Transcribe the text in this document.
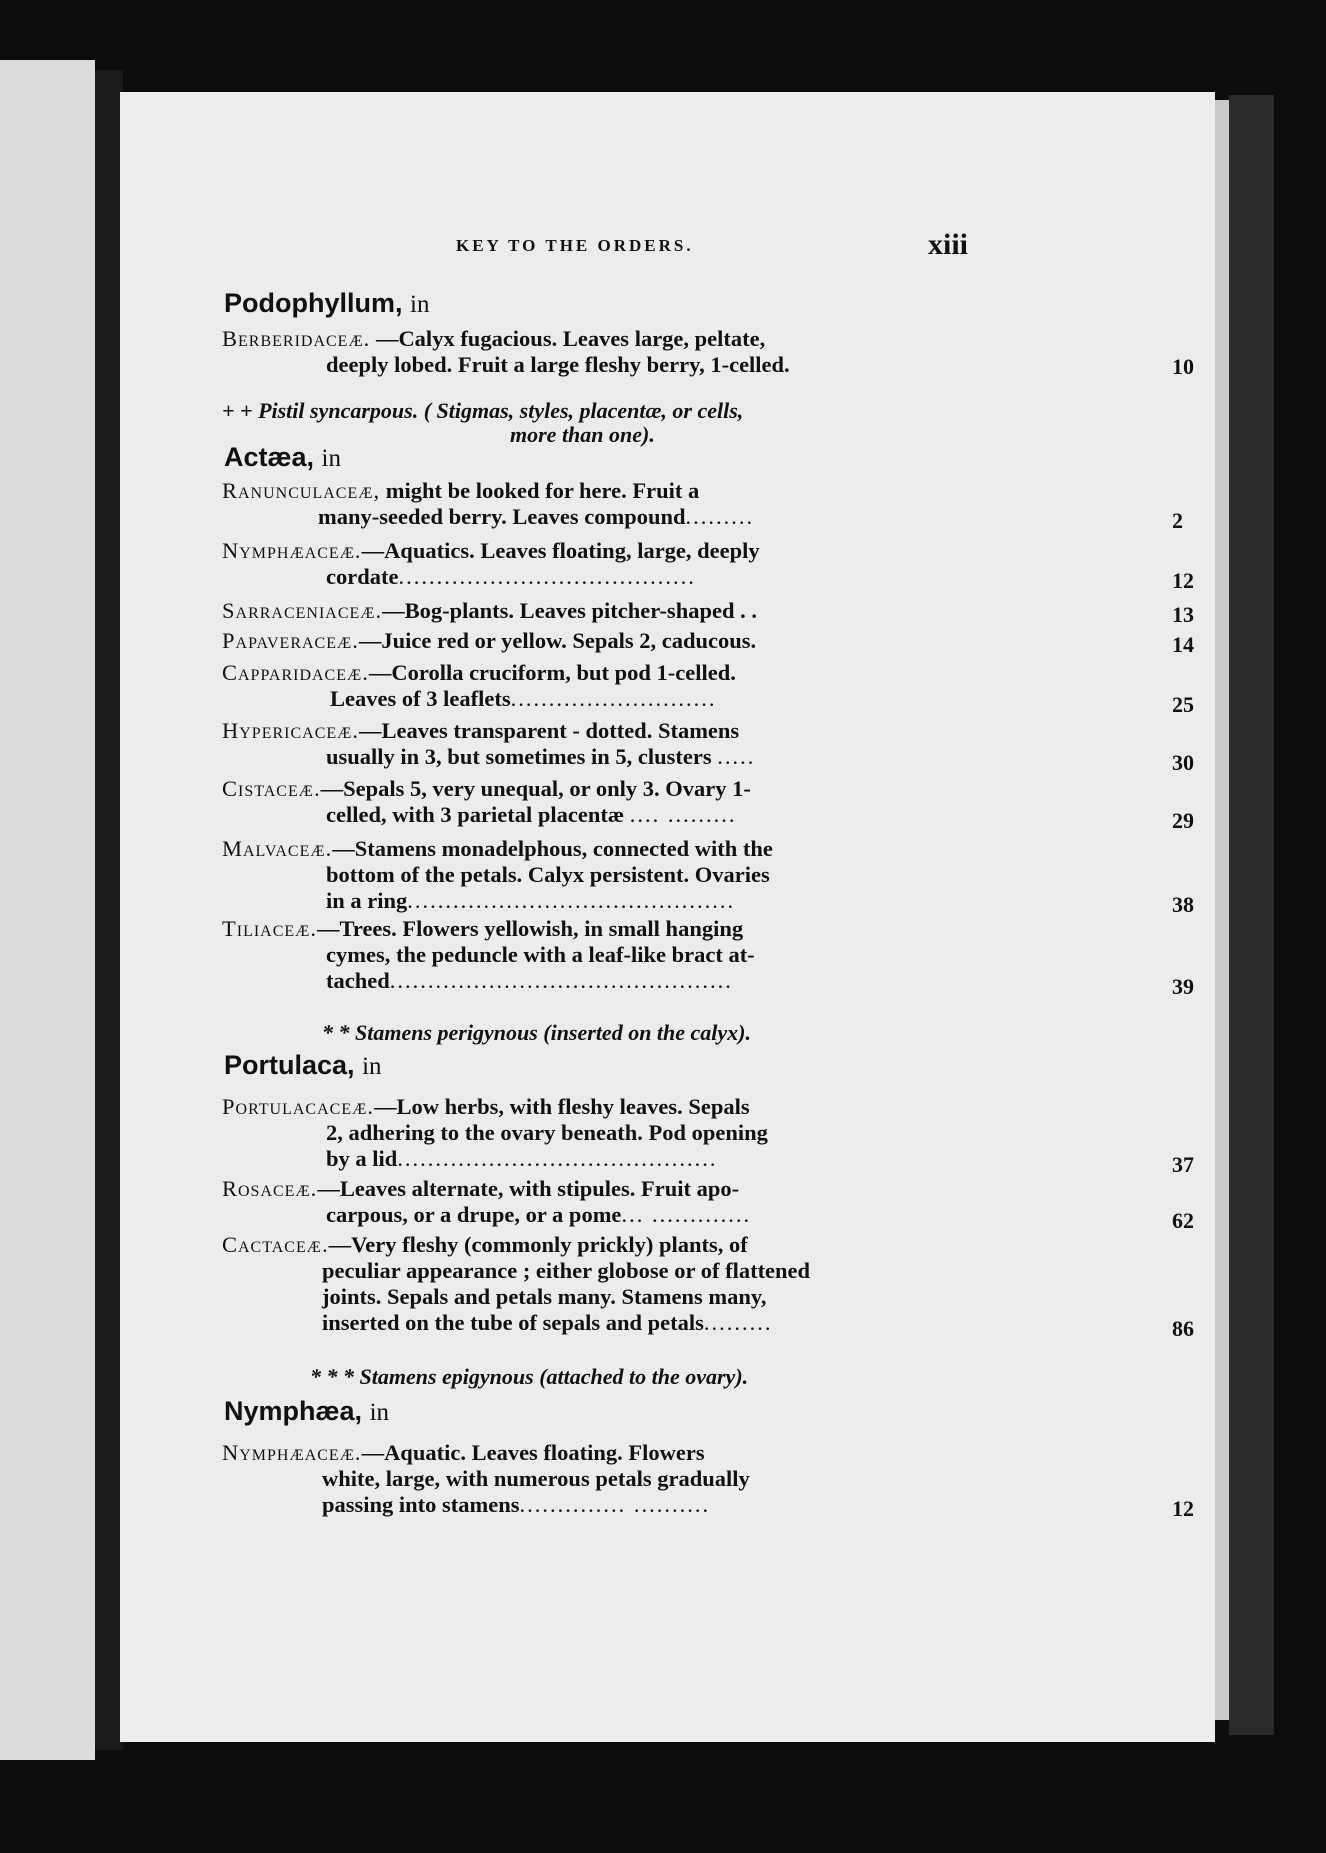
KEY TO THE ORDERS.	xiii
Podophyllum, in
Berberidaceæ. —Calyx fugacious. Leaves large, peltate,
deeply lobed. Fruit a large fleshy berry, 1-celled.	10
+ + Pistil syncarpous. ( Stigmas, styles, placentæ, or cells,
more than one).
Actæa, in
Ranunculaceæ, might be looked for here. Fruit a
many-seeded berry. Leaves compound.........	2
Nymphæaceæ.—Aquatics. Leaves floating, large, deeply
cordate.......................................	12
Sarraceniaceæ.—Bog-plants. Leaves pitcher-shaped . .	13
Papaveraceæ.—Juice red or yellow. Sepals 2, caducous.	14
Capparidaceæ.—Corolla cruciform, but pod 1-celled.
Leaves of 3 leaflets...........................	25
Hypericaceæ.—Leaves transparent - dotted. Stamens
usually in 3, but sometimes in 5, clusters .....	30
Cistaceæ.—Sepals 5, very unequal, or only 3. Ovary 1-
celled, with 3 parietal placentæ .... .........	29
Malvaceæ.—Stamens monadelphous, connected with the
bottom of the petals. Calyx persistent. Ovaries
in a ring...........................................	38
Tiliaceæ.—Trees. Flowers yellowish, in small hanging
cymes, the peduncle with a leaf-like bract at-
tached.............................................	39
* * Stamens perigynous (inserted on the calyx).
Portulaca, in
Portulacaceæ.—Low herbs, with fleshy leaves. Sepals
2, adhering to the ovary beneath. Pod opening
by a lid..........................................	37
Rosaceæ.—Leaves alternate, with stipules. Fruit apo-
carpous, or a drupe, or a pome... .............	62
Cactaceæ.—Very fleshy (commonly prickly) plants, of
peculiar appearance ; either globose or of flattened
joints. Sepals and petals many. Stamens many,
inserted on the tube of sepals and petals.........	86
* * * Stamens epigynous (attached to the ovary).
Nymphæa, in
Nymphæaceæ.—Aquatic. Leaves floating. Flowers
white, large, with numerous petals gradually
passing into stamens.............. ..........	12
